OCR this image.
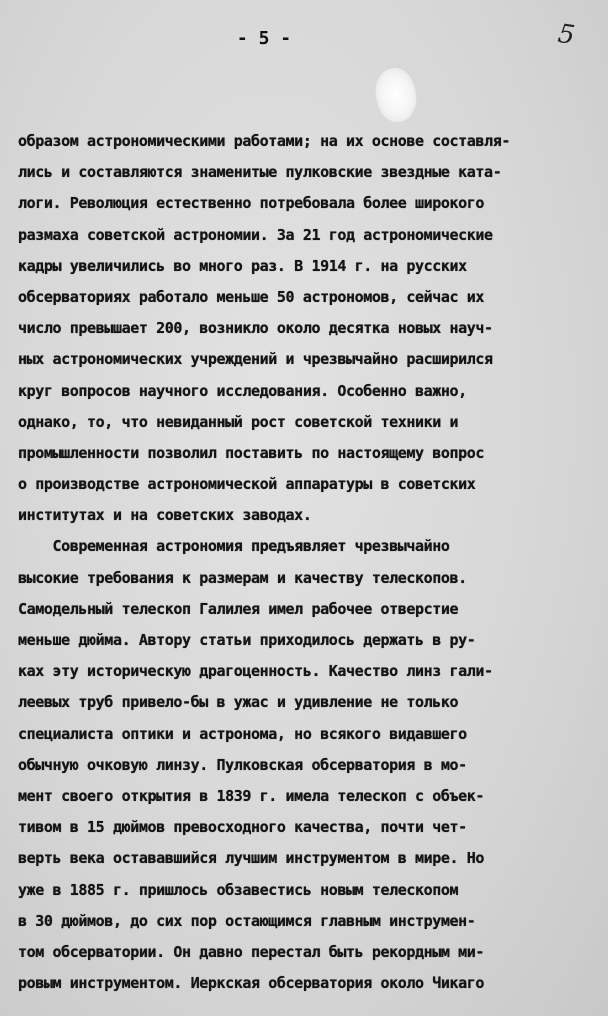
- 5 -	5
образом астрономическими работами; на их основе составля-
лись и составляются знаменитые пулковские звездные ката-
логи. Революция естественно потребовала более широкого
размаха советской астрономии. За 21 год астрономические
кадры увеличились во много раз. В 1914 г. на русских
обсерваториях работало меньше 50 астрономов, сейчас их
число превышает 200, возникло около десятка новых науч-
ных астрономических учреждений и чрезвычайно расширился
круг вопросов научного исследования. Особенно важно,
однако, то, что невиданный рост советской техники и
промышленности позволил поставить по настоящему вопрос
о производстве астрономической аппаратуры в советских
институтах и на советских заводах.
Современная астрономия предъявляет чрезвычайно
высокие требования к размерам и качеству телескопов.
Самодельный телескоп Галилея имел рабочее отверстие
меньше дюйма. Автору статьи приходилось держать в ру-
ках эту историческую драгоценность. Качество линз гали-
леевых труб привело-бы в ужас и удивление не только
специалиста оптики и астронома, но всякого видавшего
обычную очковую линзу. Пулковская обсерватория в мо-
мент своего открытия в 1839 г. имела телескоп с объек-
тивом в 15 дюймов превосходного качества, почти чет-
верть века остававшийся лучшим инструментом в мире. Но
уже в 1885 г. пришлось обзавестись новым телескопом
в 30 дюймов, до сих пор остающимся главным инструмен-
том обсерватории. Он давно перестал быть рекордным ми-
ровым инструментом. Иеркская обсерватория около Чикаго
